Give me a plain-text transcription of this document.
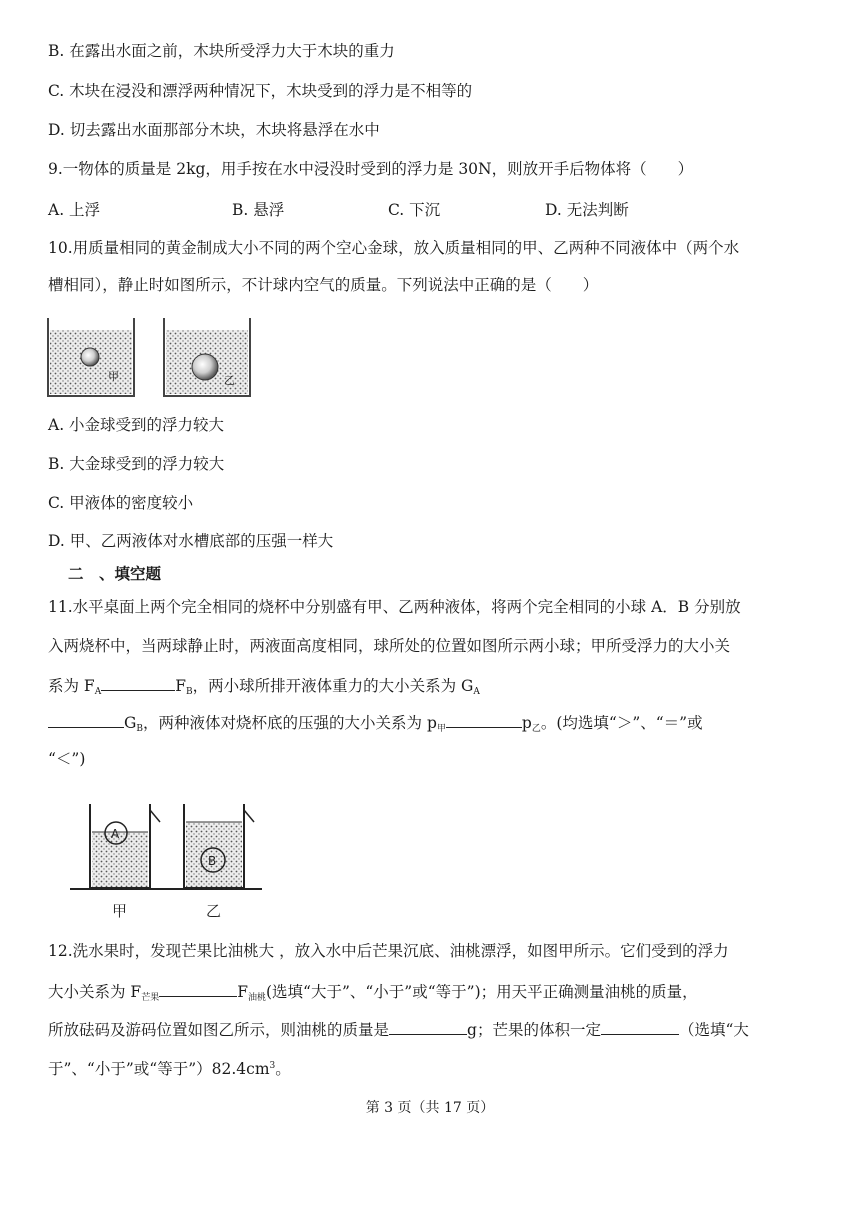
B. 在露出水面之前，木块所受浮力大于木块的重力
C. 木块在浸没和漂浮两种情况下，木块受到的浮力是不相等的
D. 切去露出水面那部分木块，木块将悬浮在水中
9.一物体的质量是 2kg，用手按在水中浸没时受到的浮力是 30N，则放开手后物体将（　　）
A. 上浮	B. 悬浮	C. 下沉	D. 无法判断
10.用质量相同的黄金制成大小不同的两个空心金球，放入质量相同的甲、乙两种不同液体中（两个水
槽相同），静止时如图所示，不计球内空气的质量。下列说法中正确的是（　　）
甲	乙
A. 小金球受到的浮力较大
B. 大金球受到的浮力较大
C. 甲液体的密度较小
D. 甲、乙两液体对水槽底部的压强一样大
二　、填空题
11.水平桌面上两个完全相同的烧杯中分别盛有甲、乙两种液体，将两个完全相同的小球 A．B 分别放
入两烧杯中，当两球静止时，两液面高度相同，球所处的位置如图所示两小球；甲所受浮力的大小关
系为 $F_A$	$F_B$，两小球所排开液体重力的大小关系为 $G_A$
$G_B$，两种液体对烧杯底的压强的大小关系为 $p_甲$	$p_乙$。(均选填“＞”、“＝”或
“＜”)
A
甲
B
乙
12.洗水果时，发现芒果比油桃大 ，放入水中后芒果沉底、油桃漂浮，如图甲所示。它们受到的浮力
大小关系为 $F_{芒果}$	$F_{油桃}$(选填“大于”、“小于”或“等于”)；用天平正确测量油桃的质量，
所放砝码及游码位置如图乙所示，则油桃的质量是	g；芒果的体积一定	（选填“大
于”、“小于”或“等于$”)82.4cm^3$。
第 3 页（共 17 页）
